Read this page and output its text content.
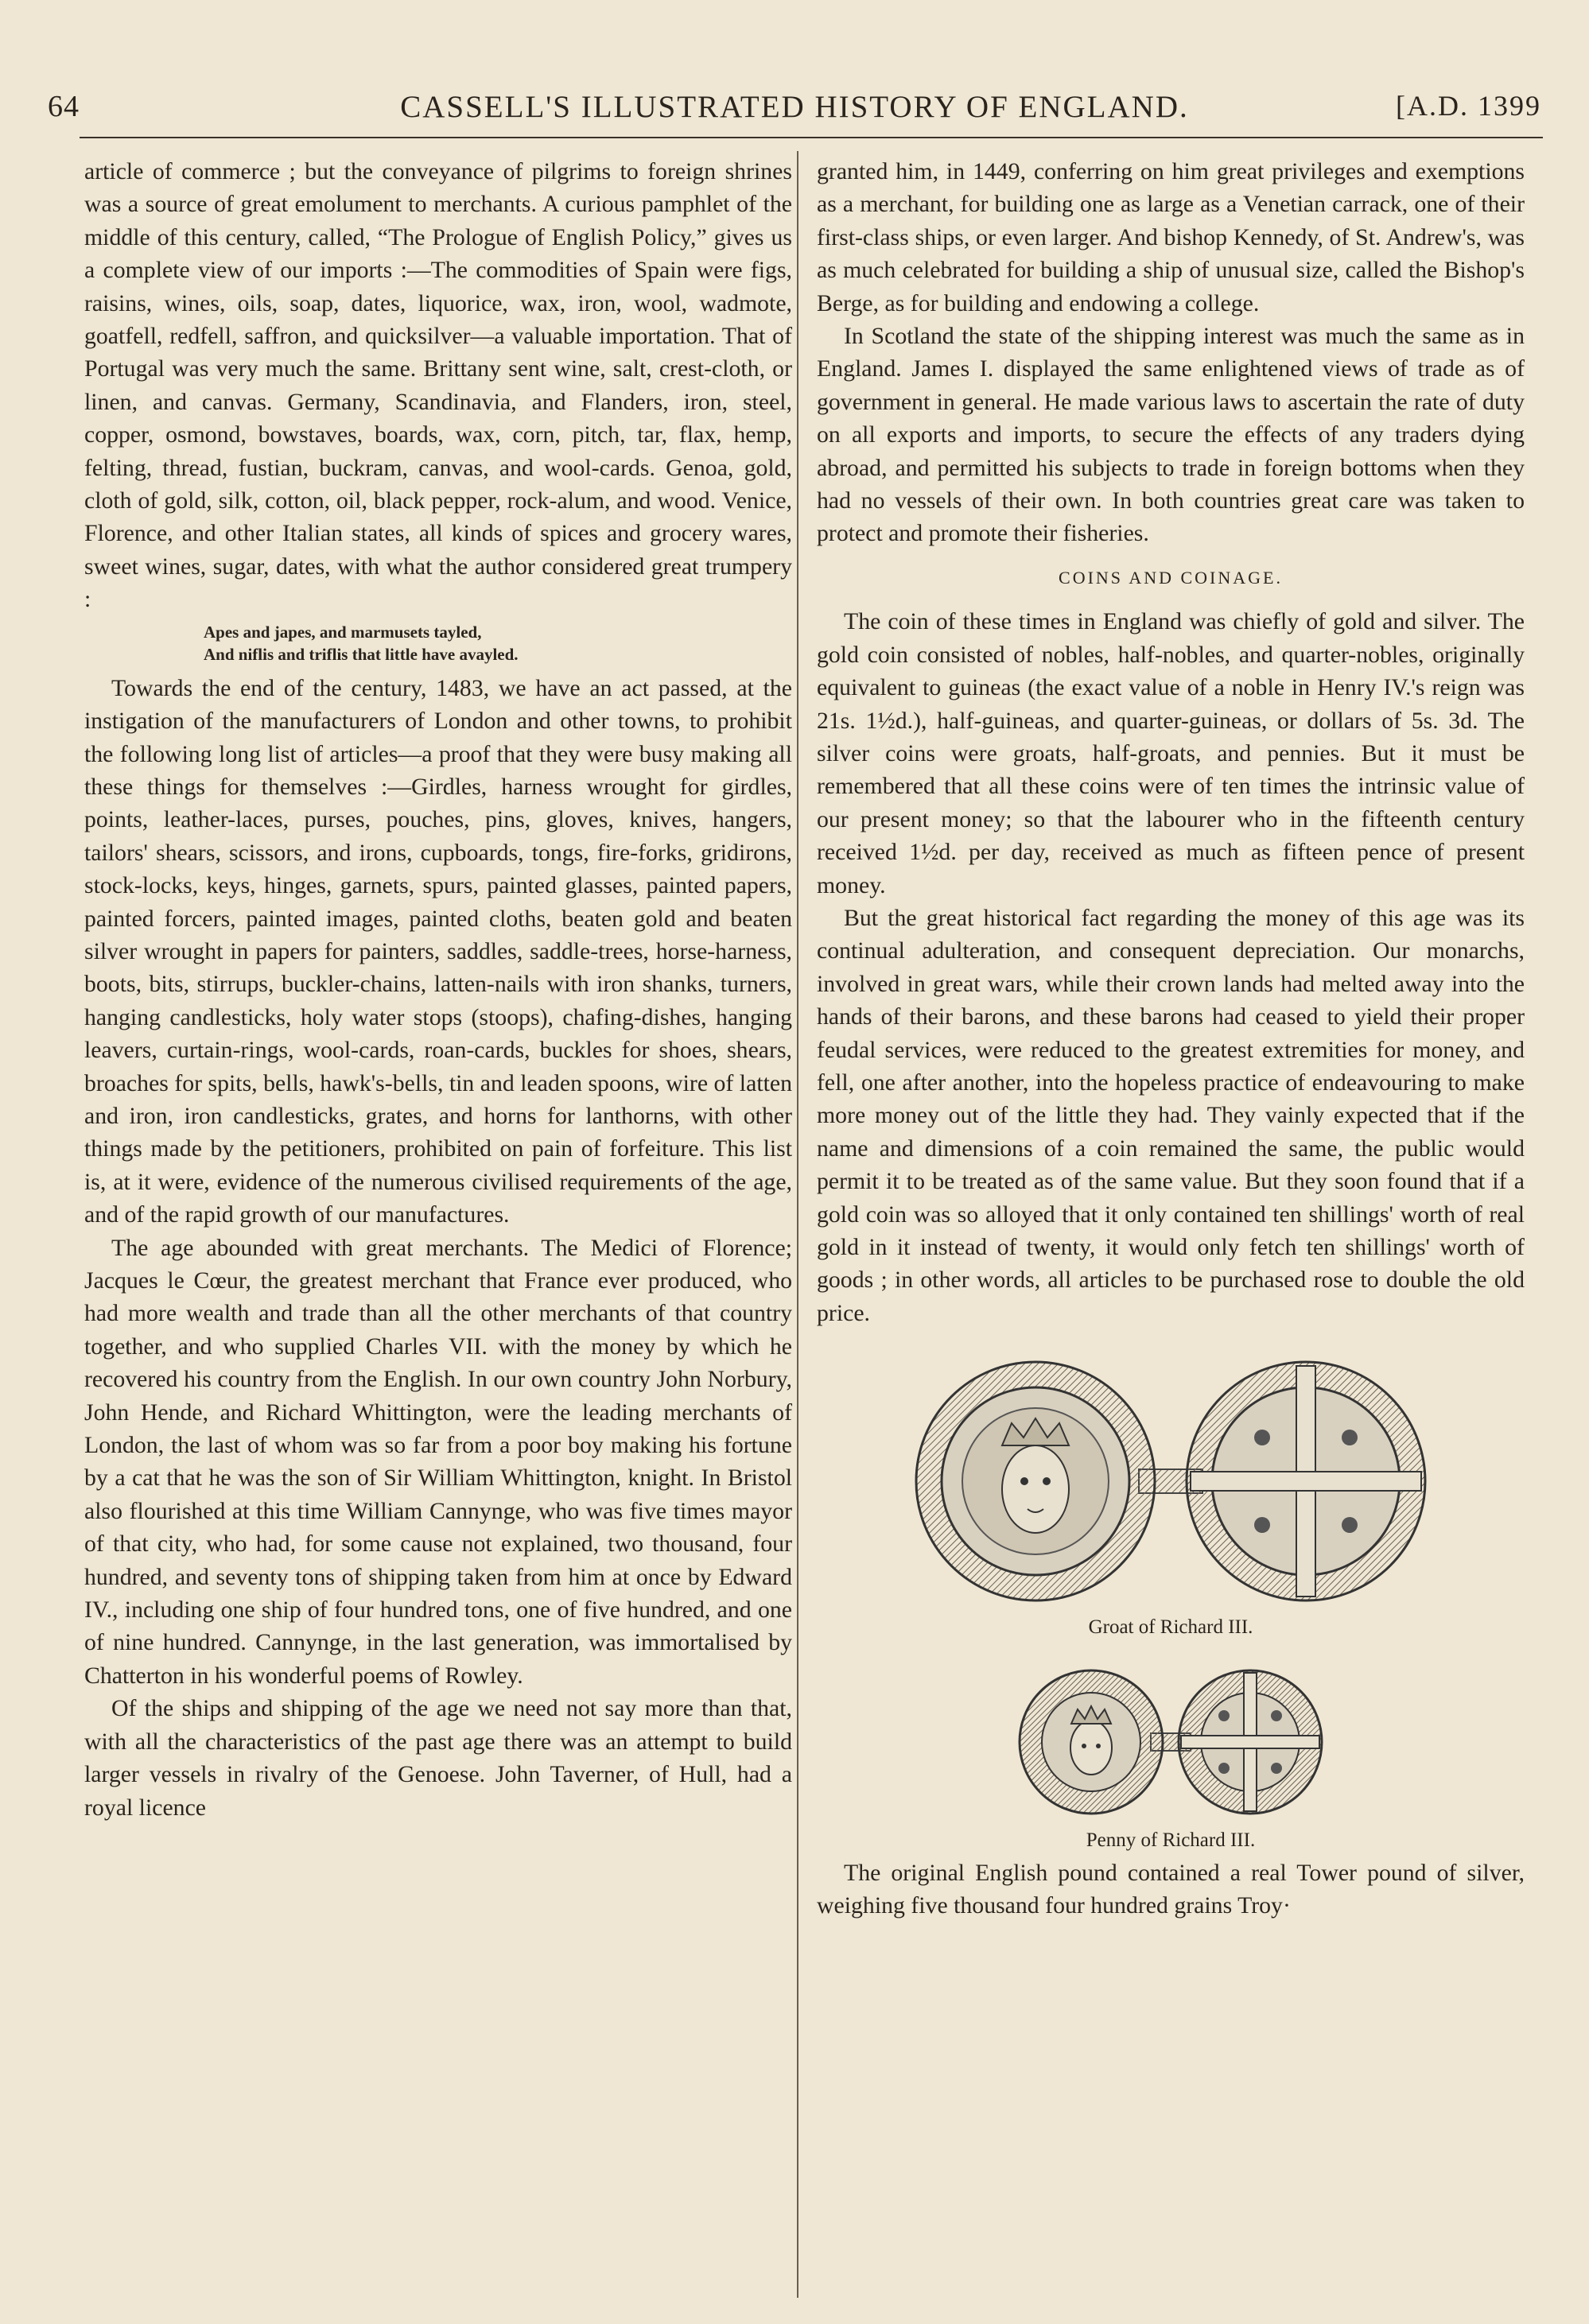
64	CASSELL'S ILLUSTRATED HISTORY OF ENGLAND.	[A.D. 1399

article of commerce ; but the conveyance of pilgrims to foreign shrines was a source of great emolument to merchants. A curious pamphlet of the middle of this century, called, “The Prologue of English Policy,” gives us a complete view of our imports :—The commodities of Spain were figs, raisins, wines, oils, soap, dates, liquorice, wax, iron, wool, wadmote, goatfell, redfell, saffron, and quicksilver—a valuable importation. That of Portugal was very much the same. Brittany sent wine, salt, crest-cloth, or linen, and canvas. Germany, Scandinavia, and Flanders, iron, steel, copper, osmond, bowstaves, boards, wax, corn, pitch, tar, flax, hemp, felting, thread, fustian, buckram, canvas, and wool-cards. Genoa, gold, cloth of gold, silk, cotton, oil, black pepper, rock-alum, and wood. Venice, Florence, and other Italian states, all kinds of spices and grocery wares, sweet wines, sugar, dates, with what the author considered great trumpery :

Apes and japes, and marmusets tayled,
And niflis and triflis that little have avayled.

Towards the end of the century, 1483, we have an act passed, at the instigation of the manufacturers of London and other towns, to prohibit the following long list of articles—a proof that they were busy making all these things for themselves :—Girdles, harness wrought for girdles, points, leather-laces, purses, pouches, pins, gloves, knives, hangers, tailors' shears, scissors, and irons, cupboards, tongs, fire-forks, gridirons, stock-locks, keys, hinges, garnets, spurs, painted glasses, painted papers, painted forcers, painted images, painted cloths, beaten gold and beaten silver wrought in papers for painters, saddles, saddle-trees, horse-harness, boots, bits, stirrups, buckler-chains, latten-nails with iron shanks, turners, hanging candlesticks, holy water stops (stoops), chafing-dishes, hanging leavers, curtain-rings, wool-cards, roan-cards, buckles for shoes, shears, broaches for spits, bells, hawk's-bells, tin and leaden spoons, wire of latten and iron, iron candlesticks, grates, and horns for lanthorns, with other things made by the petitioners, prohibited on pain of forfeiture. This list is, at it were, evidence of the numerous civilised requirements of the age, and of the rapid growth of our manufactures.

The age abounded with great merchants. The Medici of Florence; Jacques le Cœur, the greatest merchant that France ever produced, who had more wealth and trade than all the other merchants of that country together, and who supplied Charles VII. with the money by which he recovered his country from the English. In our own country John Norbury, John Hende, and Richard Whittington, were the leading merchants of London, the last of whom was so far from a poor boy making his fortune by a cat that he was the son of Sir William Whittington, knight. In Bristol also flourished at this time William Cannynge, who was five times mayor of that city, who had, for some cause not explained, two thousand, four hundred, and seventy tons of shipping taken from him at once by Edward IV., including one ship of four hundred tons, one of five hundred, and one of nine hundred. Cannynge, in the last generation, was immortalised by Chatterton in his wonderful poems of Rowley.

Of the ships and shipping of the age we need not say more than that, with all the characteristics of the past age there was an attempt to build larger vessels in rivalry of the Genoese. John Taverner, of Hull, had a royal licence

granted him, in 1449, conferring on him great privileges and exemptions as a merchant, for building one as large as a Venetian carrack, one of their first-class ships, or even larger. And bishop Kennedy, of St. Andrew's, was as much celebrated for building a ship of unusual size, called the Bishop's Berge, as for building and endowing a college.

In Scotland the state of the shipping interest was much the same as in England. James I. displayed the same enlightened views of trade as of government in general. He made various laws to ascertain the rate of duty on all exports and imports, to secure the effects of any traders dying abroad, and permitted his subjects to trade in foreign bottoms when they had no vessels of their own. In both countries great care was taken to protect and promote their fisheries.

COINS AND COINAGE.

The coin of these times in England was chiefly of gold and silver. The gold coin consisted of nobles, half-nobles, and quarter-nobles, originally equivalent to guineas (the exact value of a noble in Henry IV.'s reign was 21s. 1½d.), half-guineas, and quarter-guineas, or dollars of 5s. 3d. The silver coins were groats, half-groats, and pennies. But it must be remembered that all these coins were of ten times the intrinsic value of our present money; so that the labourer who in the fifteenth century received 1½d. per day, received as much as fifteen pence of present money.

But the great historical fact regarding the money of this age was its continual adulteration, and consequent depreciation. Our monarchs, involved in great wars, while their crown lands had melted away into the hands of their barons, and these barons had ceased to yield their proper feudal services, were reduced to the greatest extremities for money, and fell, one after another, into the hopeless practice of endeavouring to make more money out of the little they had. They vainly expected that if the name and dimensions of a coin remained the same, the public would permit it to be treated as of the same value. But they soon found that if a gold coin was so alloyed that it only contained ten shillings' worth of real gold in it instead of twenty, it would only fetch ten shillings' worth of goods ; in other words, all articles to be purchased rose to double the old price.

Groat of Richard III.
Penny of Richard III.

The original English pound contained a real Tower pound of silver, weighing five thousand four hundred grains Troy·
